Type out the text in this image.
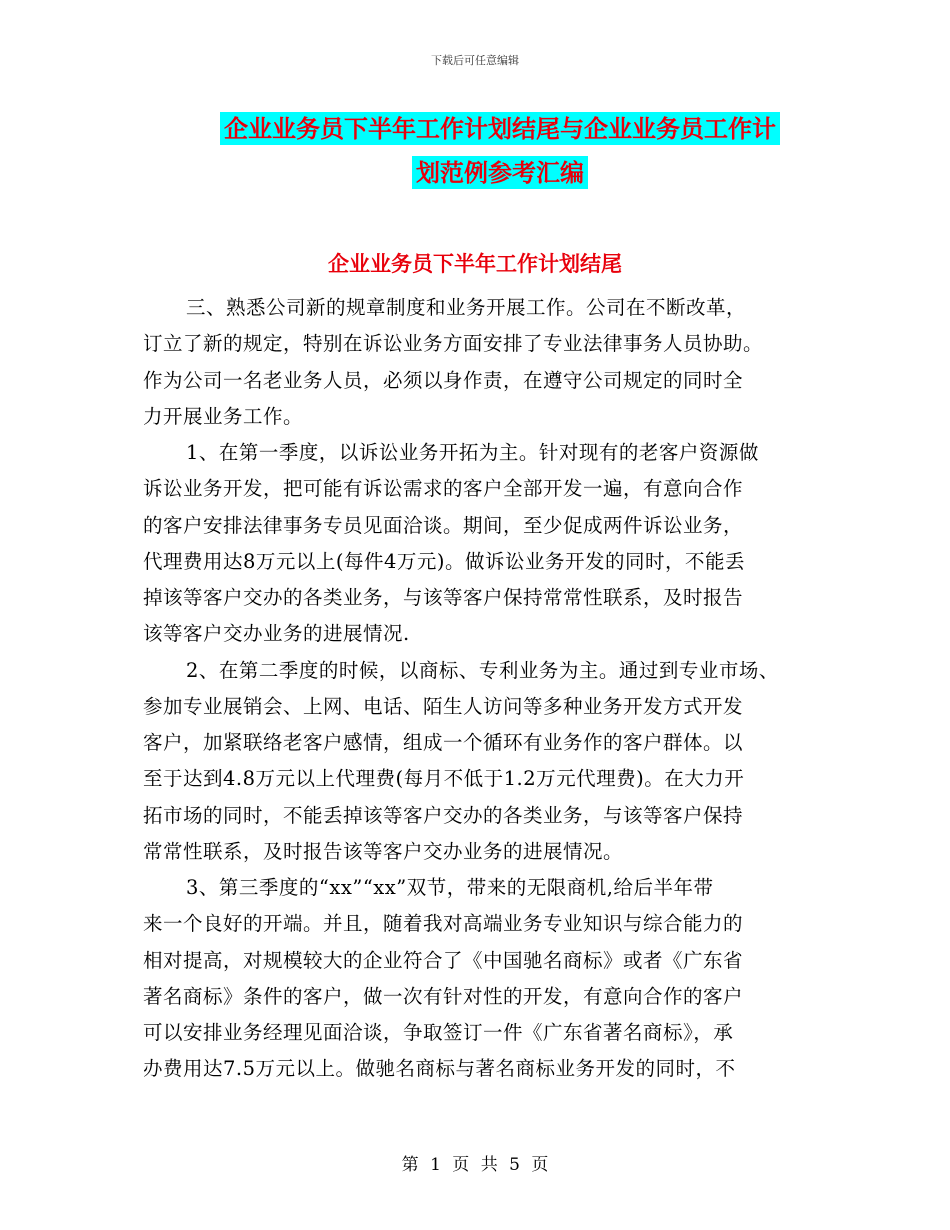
下载后可任意编辑
企业业务员下半年工作计划结尾与企业业务员工作计
划范例参考汇编
企业业务员下半年工作计划结尾
三、熟悉公司新的规章制度和业务开展工作。公司在不断改革，
订立了新的规定，特别在诉讼业务方面安排了专业法律事务人员协助。
作为公司一名老业务人员，必须以身作责，在遵守公司规定的同时全
力开展业务工作。
1、在第一季度，以诉讼业务开拓为主。针对现有的老客户资源做
诉讼业务开发，把可能有诉讼需求的客户全部开发一遍，有意向合作
的客户安排法律事务专员见面洽谈。期间，至少促成两件诉讼业务，
代理费用达8万元以上(每件4万元)。做诉讼业务开发的同时，不能丢
掉该等客户交办的各类业务，与该等客户保持常常性联系，及时报告
该等客户交办业务的进展情况.
2、在第二季度的时候，以商标、专利业务为主。通过到专业市场、
参加专业展销会、上网、电话、陌生人访问等多种业务开发方式开发
客户，加紧联络老客户感情，组成一个循环有业务作的客户群体。以
至于达到4.8万元以上代理费(每月不低于1.2万元代理费)。在大力开
拓市场的同时，不能丢掉该等客户交办的各类业务，与该等客户保持
常常性联系，及时报告该等客户交办业务的进展情况。
3、第三季度的“xx”“xx”双节，带来的无限商机,给后半年带
来一个良好的开端。并且，随着我对高端业务专业知识与综合能力的
相对提高，对规模较大的企业符合了《中国驰名商标》或者《广东省
著名商标》条件的客户，做一次有针对性的开发，有意向合作的客户
可以安排业务经理见面洽谈，争取签订一件《广东省著名商标》，承
办费用达7.5万元以上。做驰名商标与著名商标业务开发的同时，不
第 1 页 共 5 页
